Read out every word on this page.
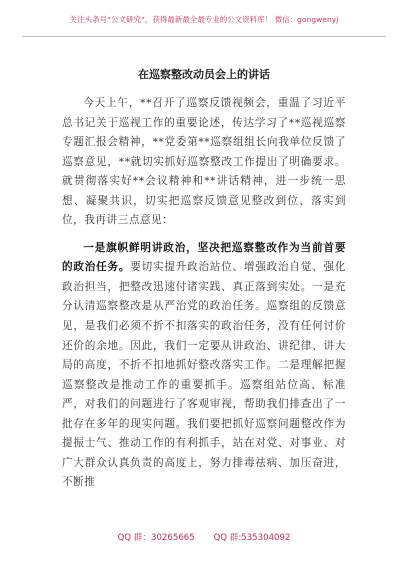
关注头条号“公文研究”，获得最新最全最专业的公文资料库！ 微信：gongwenyj
在巡察整改动员会上的讲话

今天上午，**召开了巡察反馈视频会，重温了习近平总书记关于巡视工作的重要论述，传达学习了**巡视巡察专题汇报会精神，**党委第**巡察组组长向我单位反馈了巡察意见，**就切实抓好巡察整改工作提出了明确要求。就贯彻落实好**会议精神和**讲话精神，进一步统一思想、凝聚共识，切实把巡察反馈意见整改到位、落实到位，我再讲三点意见：

一是旗帜鲜明讲政治，坚决把巡察整改作为当前首要的政治任务。要切实提升政治站位、增强政治自觉、强化政治担当，把整改迅速付诸实践、真正落到实处。一是充分认清巡察整改是从严治党的政治任务。巡察组的反馈意见，是我们必须不折不扣落实的政治任务，没有任何讨价还价的余地。因此，我们一定要从讲政治、讲纪律、讲大局的高度，不折不扣地抓好整改落实工作。二是理解把握巡察整改是推动工作的重要抓手。巡察组站位高、标准严，对我们的问题进行了客观审视，帮助我们排查出了一批存在多年的现实问题。我们要把抓好巡察问题整改作为提振士气、推动工作的有利抓手，站在对党、对事业、对广大群众认真负责的高度上，努力排毒祛病、加压奋进，不断推

QQ 群：30265665 QQ 群:535304092
